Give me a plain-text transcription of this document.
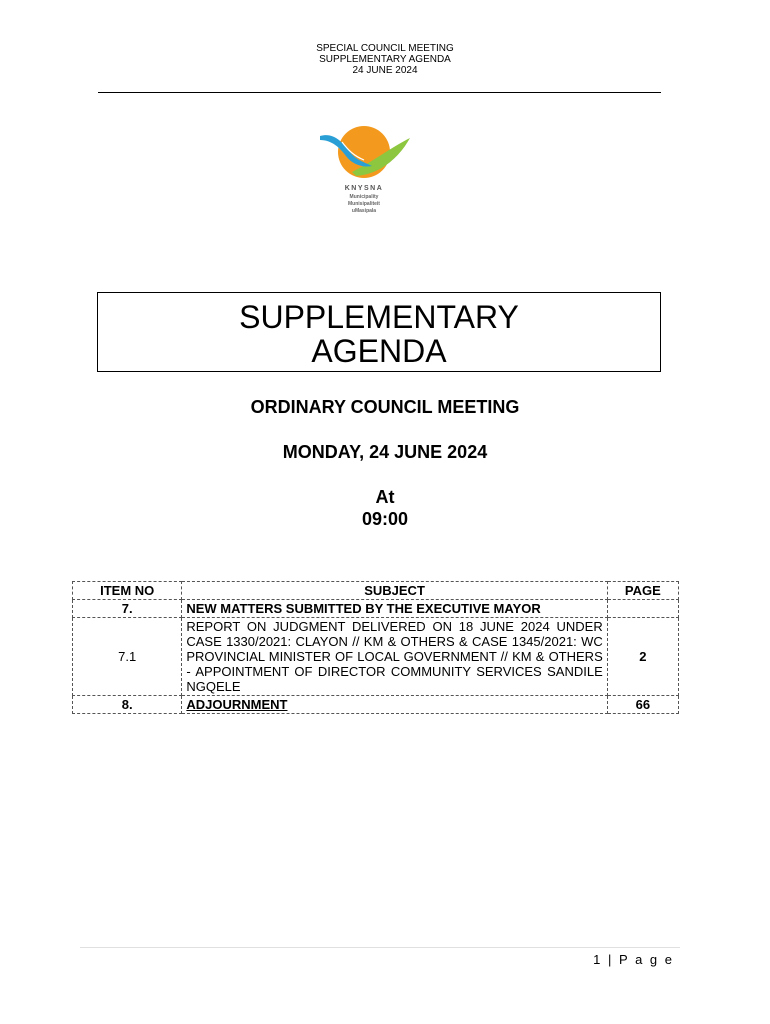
SPECIAL COUNCIL MEETING
SUPPLEMENTARY AGENDA
24 JUNE 2024
KNYSNA
Municipality
Munisipaliteit
uMasipala
SUPPLEMENTARY
AGENDA
ORDINARY COUNCIL MEETING
MONDAY, 24 JUNE 2024
At
09:00
ITEM NO	SUBJECT	PAGE
7.	NEW MATTERS SUBMITTED BY THE EXECUTIVE MAYOR	
7.1	REPORT ON JUDGMENT DELIVERED ON 18 JUNE 2024 UNDER CASE 1330/2021: CLAYON // KM & OTHERS & CASE 1345/2021: WC PROVINCIAL MINISTER OF LOCAL GOVERNMENT // KM & OTHERS - APPOINTMENT OF DIRECTOR COMMUNITY SERVICES SANDILE NGQELE	2
8.	ADJOURNMENT	66
1 | P a g e
